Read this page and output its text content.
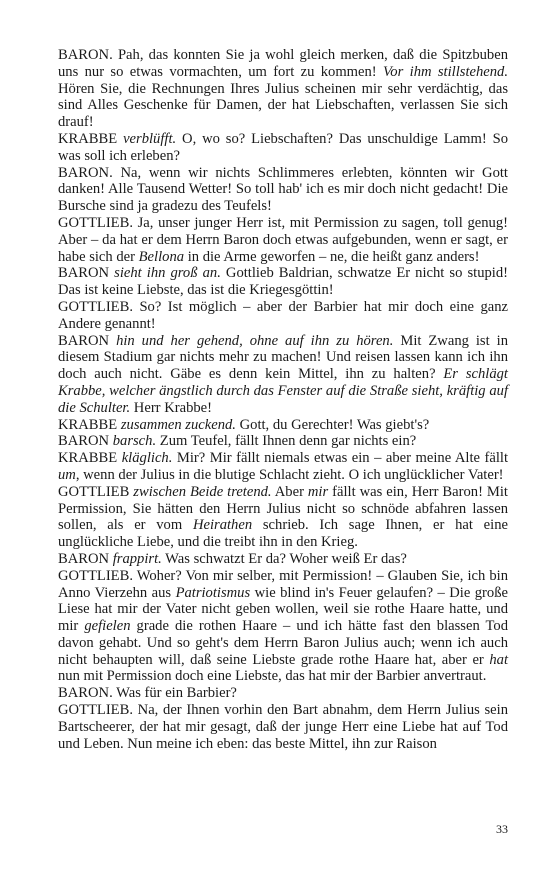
BARON. Pah, das konnten Sie ja wohl gleich merken, daß die Spitzbuben uns nur so etwas vormachten, um fort zu kommen! Vor ihm stillstehend. Hören Sie, die Rechnungen Ihres Julius scheinen mir sehr verdächtig, das sind Alles Geschenke für Damen, der hat Liebschaften, verlassen Sie sich drauf!

KRABBE verblüfft. O, wo so? Liebschaften? Das unschuldige Lamm! So was soll ich erleben?

BARON. Na, wenn wir nichts Schlimmeres erlebten, könnten wir Gott danken! Alle Tausend Wetter! So toll hab' ich es mir doch nicht gedacht! Die Bursche sind ja gradezu des Teufels!

GOTTLIEB. Ja, unser junger Herr ist, mit Permission zu sagen, toll genug! Aber – da hat er dem Herrn Baron doch etwas aufgebunden, wenn er sagt, er habe sich der Bellona in die Arme geworfen – ne, die heißt ganz anders!

BARON sieht ihn groß an. Gottlieb Baldrian, schwatze Er nicht so stupid! Das ist keine Liebste, das ist die Kriegesgöttin!

GOTTLIEB. So? Ist möglich – aber der Barbier hat mir doch eine ganz Andere genannt!

BARON hin und her gehend, ohne auf ihn zu hören. Mit Zwang ist in diesem Stadium gar nichts mehr zu machen! Und reisen lassen kann ich ihn doch auch nicht. Gäbe es denn kein Mittel, ihn zu halten? Er schlägt Krabbe, welcher ängstlich durch das Fenster auf die Straße sieht, kräftig auf die Schulter. Herr Krabbe!

KRABBE zusammen zuckend. Gott, du Gerechter! Was giebt's?

BARON barsch. Zum Teufel, fällt Ihnen denn gar nichts ein?

KRABBE kläglich. Mir? Mir fällt niemals etwas ein – aber meine Alte fällt um, wenn der Julius in die blutige Schlacht zieht. O ich unglücklicher Vater!

GOTTLIEB zwischen Beide tretend. Aber mir fällt was ein, Herr Baron! Mit Permission, Sie hätten den Herrn Julius nicht so schnöde abfahren lassen sollen, als er vom Heirathen schrieb. Ich sage Ihnen, er hat eine unglückliche Liebe, und die treibt ihn in den Krieg.

BARON frappirt. Was schwatzt Er da? Woher weiß Er das?

GOTTLIEB. Woher? Von mir selber, mit Permission! – Glauben Sie, ich bin Anno Vierzehn aus Patriotismus wie blind in's Feuer gelaufen? – Die große Liese hat mir der Vater nicht geben wollen, weil sie rothe Haare hatte, und mir gefielen grade die rothen Haare – und ich hätte fast den blassen Tod davon gehabt. Und so geht's dem Herrn Baron Julius auch; wenn ich auch nicht behaupten will, daß seine Liebste grade rothe Haare hat, aber er hat nun mit Permission doch eine Liebste, das hat mir der Barbier anvertraut.

BARON. Was für ein Barbier?

GOTTLIEB. Na, der Ihnen vorhin den Bart abnahm, dem Herrn Julius sein Bartscheerer, der hat mir gesagt, daß der junge Herr eine Liebe hat auf Tod und Leben. Nun meine ich eben: das beste Mittel, ihn zur Raison

33
